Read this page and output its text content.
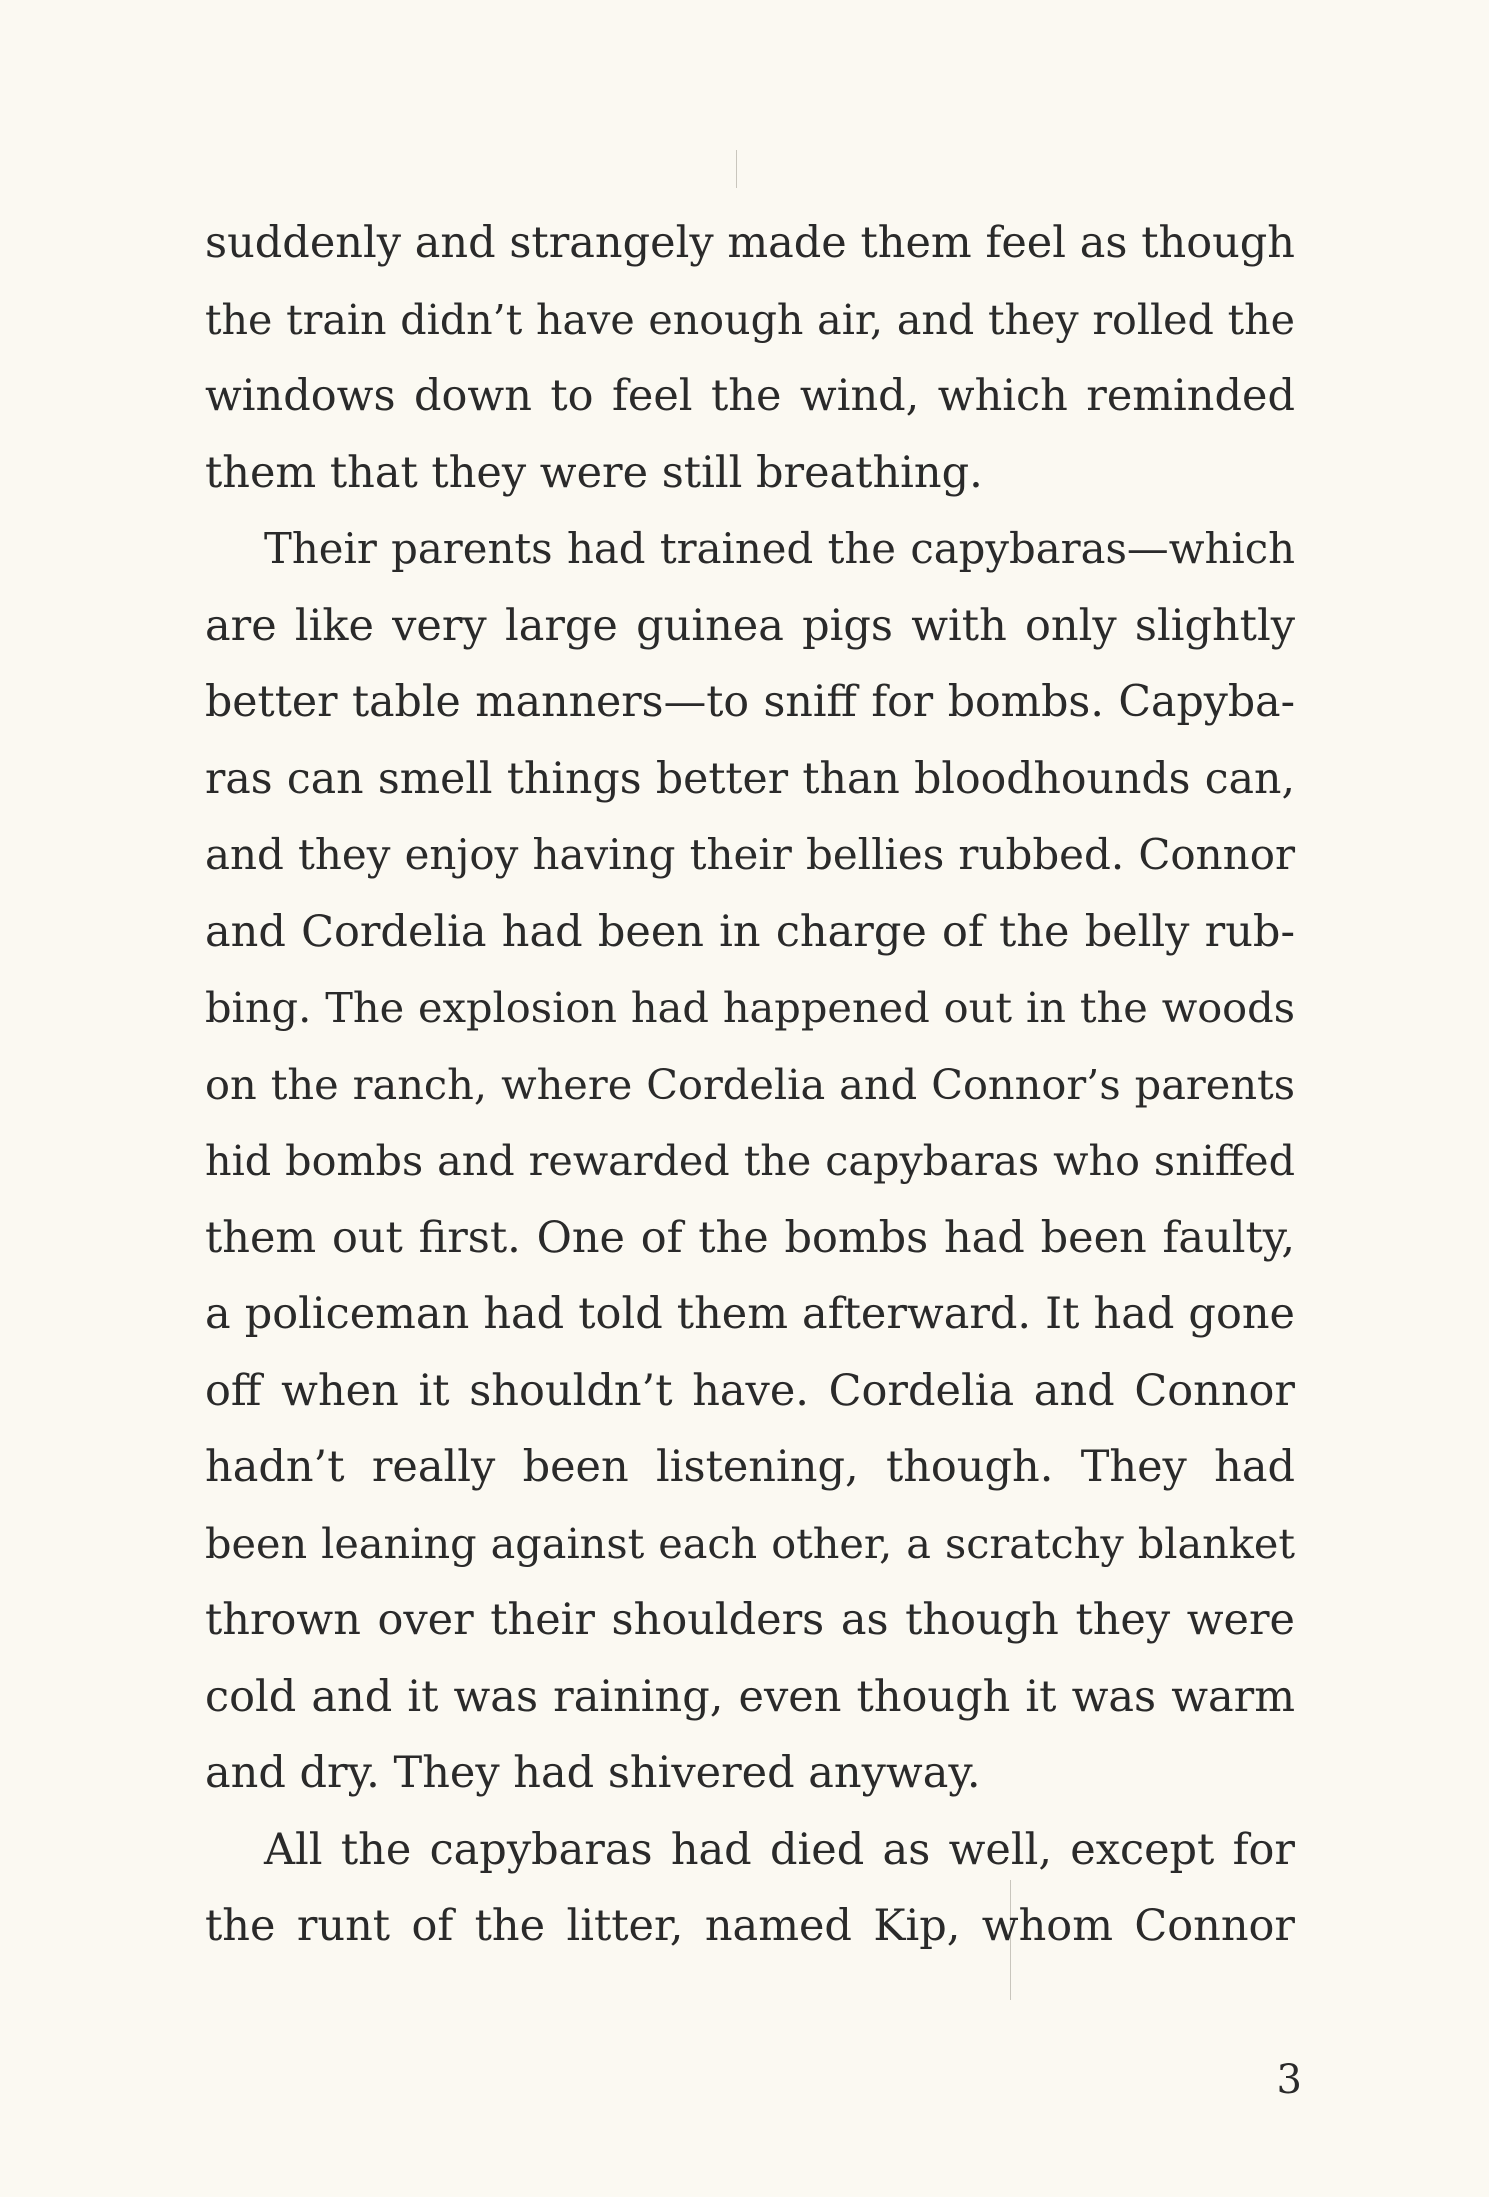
suddenly and strangely made them feel as though
the train didn’t have enough air, and they rolled the
windows down to feel the wind, which reminded
them that they were still breathing.
Their parents had trained the capybaras—which
are like very large guinea pigs with only slightly
better table manners—to sniff for bombs. Capyba-
ras can smell things better than bloodhounds can,
and they enjoy having their bellies rubbed. Connor
and Cordelia had been in charge of the belly rub-
bing. The explosion had happened out in the woods
on the ranch, where Cordelia and Connor’s parents
hid bombs and rewarded the capybaras who sniffed
them out first. One of the bombs had been faulty,
a policeman had told them afterward. It had gone
off when it shouldn’t have. Cordelia and Connor
hadn’t really been listening, though. They had
been leaning against each other, a scratchy blanket
thrown over their shoulders as though they were
cold and it was raining, even though it was warm
and dry. They had shivered anyway.
All the capybaras had died as well, except for
the runt of the litter, named Kip, whom Connor
3
